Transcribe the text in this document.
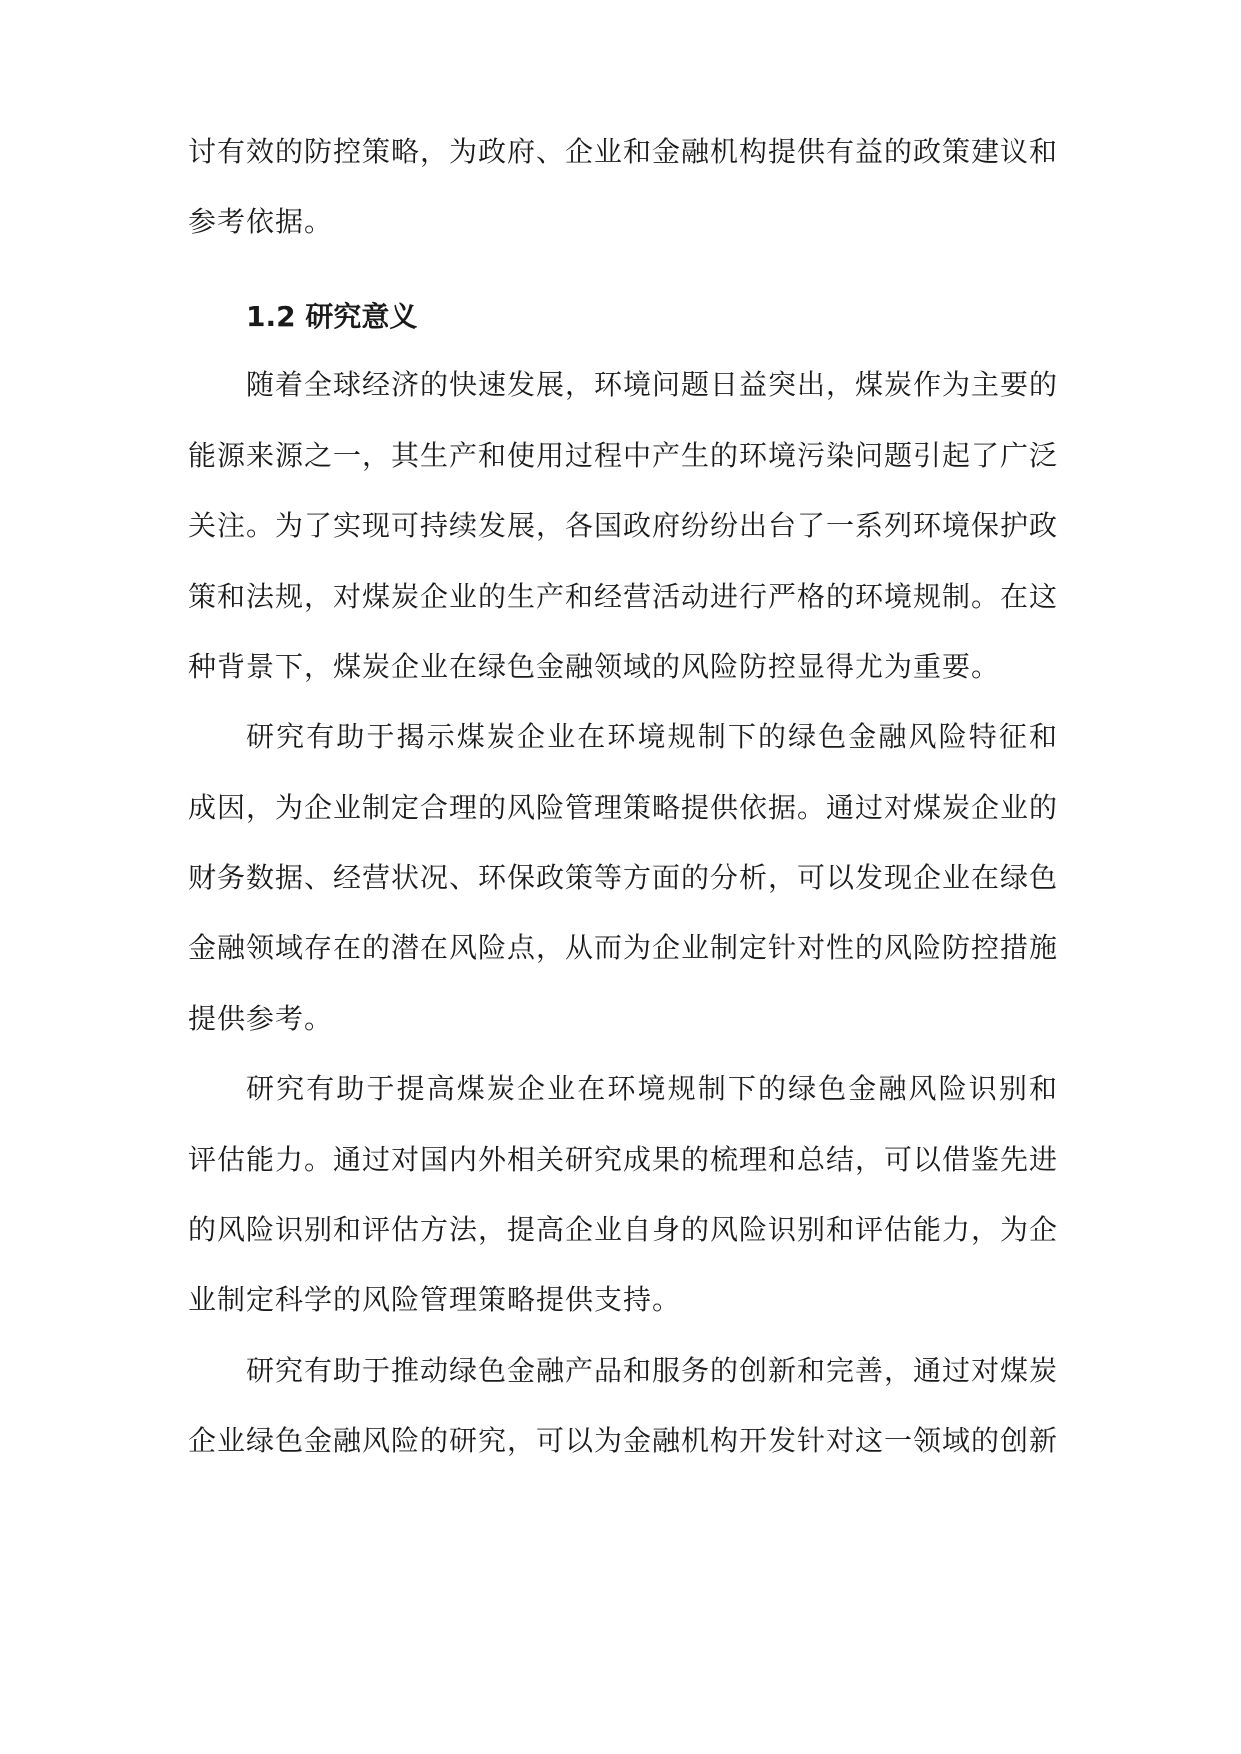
讨有效的防控策略，为政府、企业和金融机构提供有益的政策建议和
参考依据。
1.2 研究意义
随着全球经济的快速发展，环境问题日益突出，煤炭作为主要的
能源来源之一，其生产和使用过程中产生的环境污染问题引起了广泛
关注。为了实现可持续发展，各国政府纷纷出台了一系列环境保护政
策和法规，对煤炭企业的生产和经营活动进行严格的环境规制。在这
种背景下，煤炭企业在绿色金融领域的风险防控显得尤为重要。
研究有助于揭示煤炭企业在环境规制下的绿色金融风险特征和
成因，为企业制定合理的风险管理策略提供依据。通过对煤炭企业的
财务数据、经营状况、环保政策等方面的分析，可以发现企业在绿色
金融领域存在的潜在风险点，从而为企业制定针对性的风险防控措施
提供参考。
研究有助于提高煤炭企业在环境规制下的绿色金融风险识别和
评估能力。通过对国内外相关研究成果的梳理和总结，可以借鉴先进
的风险识别和评估方法，提高企业自身的风险识别和评估能力，为企
业制定科学的风险管理策略提供支持。
研究有助于推动绿色金融产品和服务的创新和完善，通过对煤炭
企业绿色金融风险的研究，可以为金融机构开发针对这一领域的创新
